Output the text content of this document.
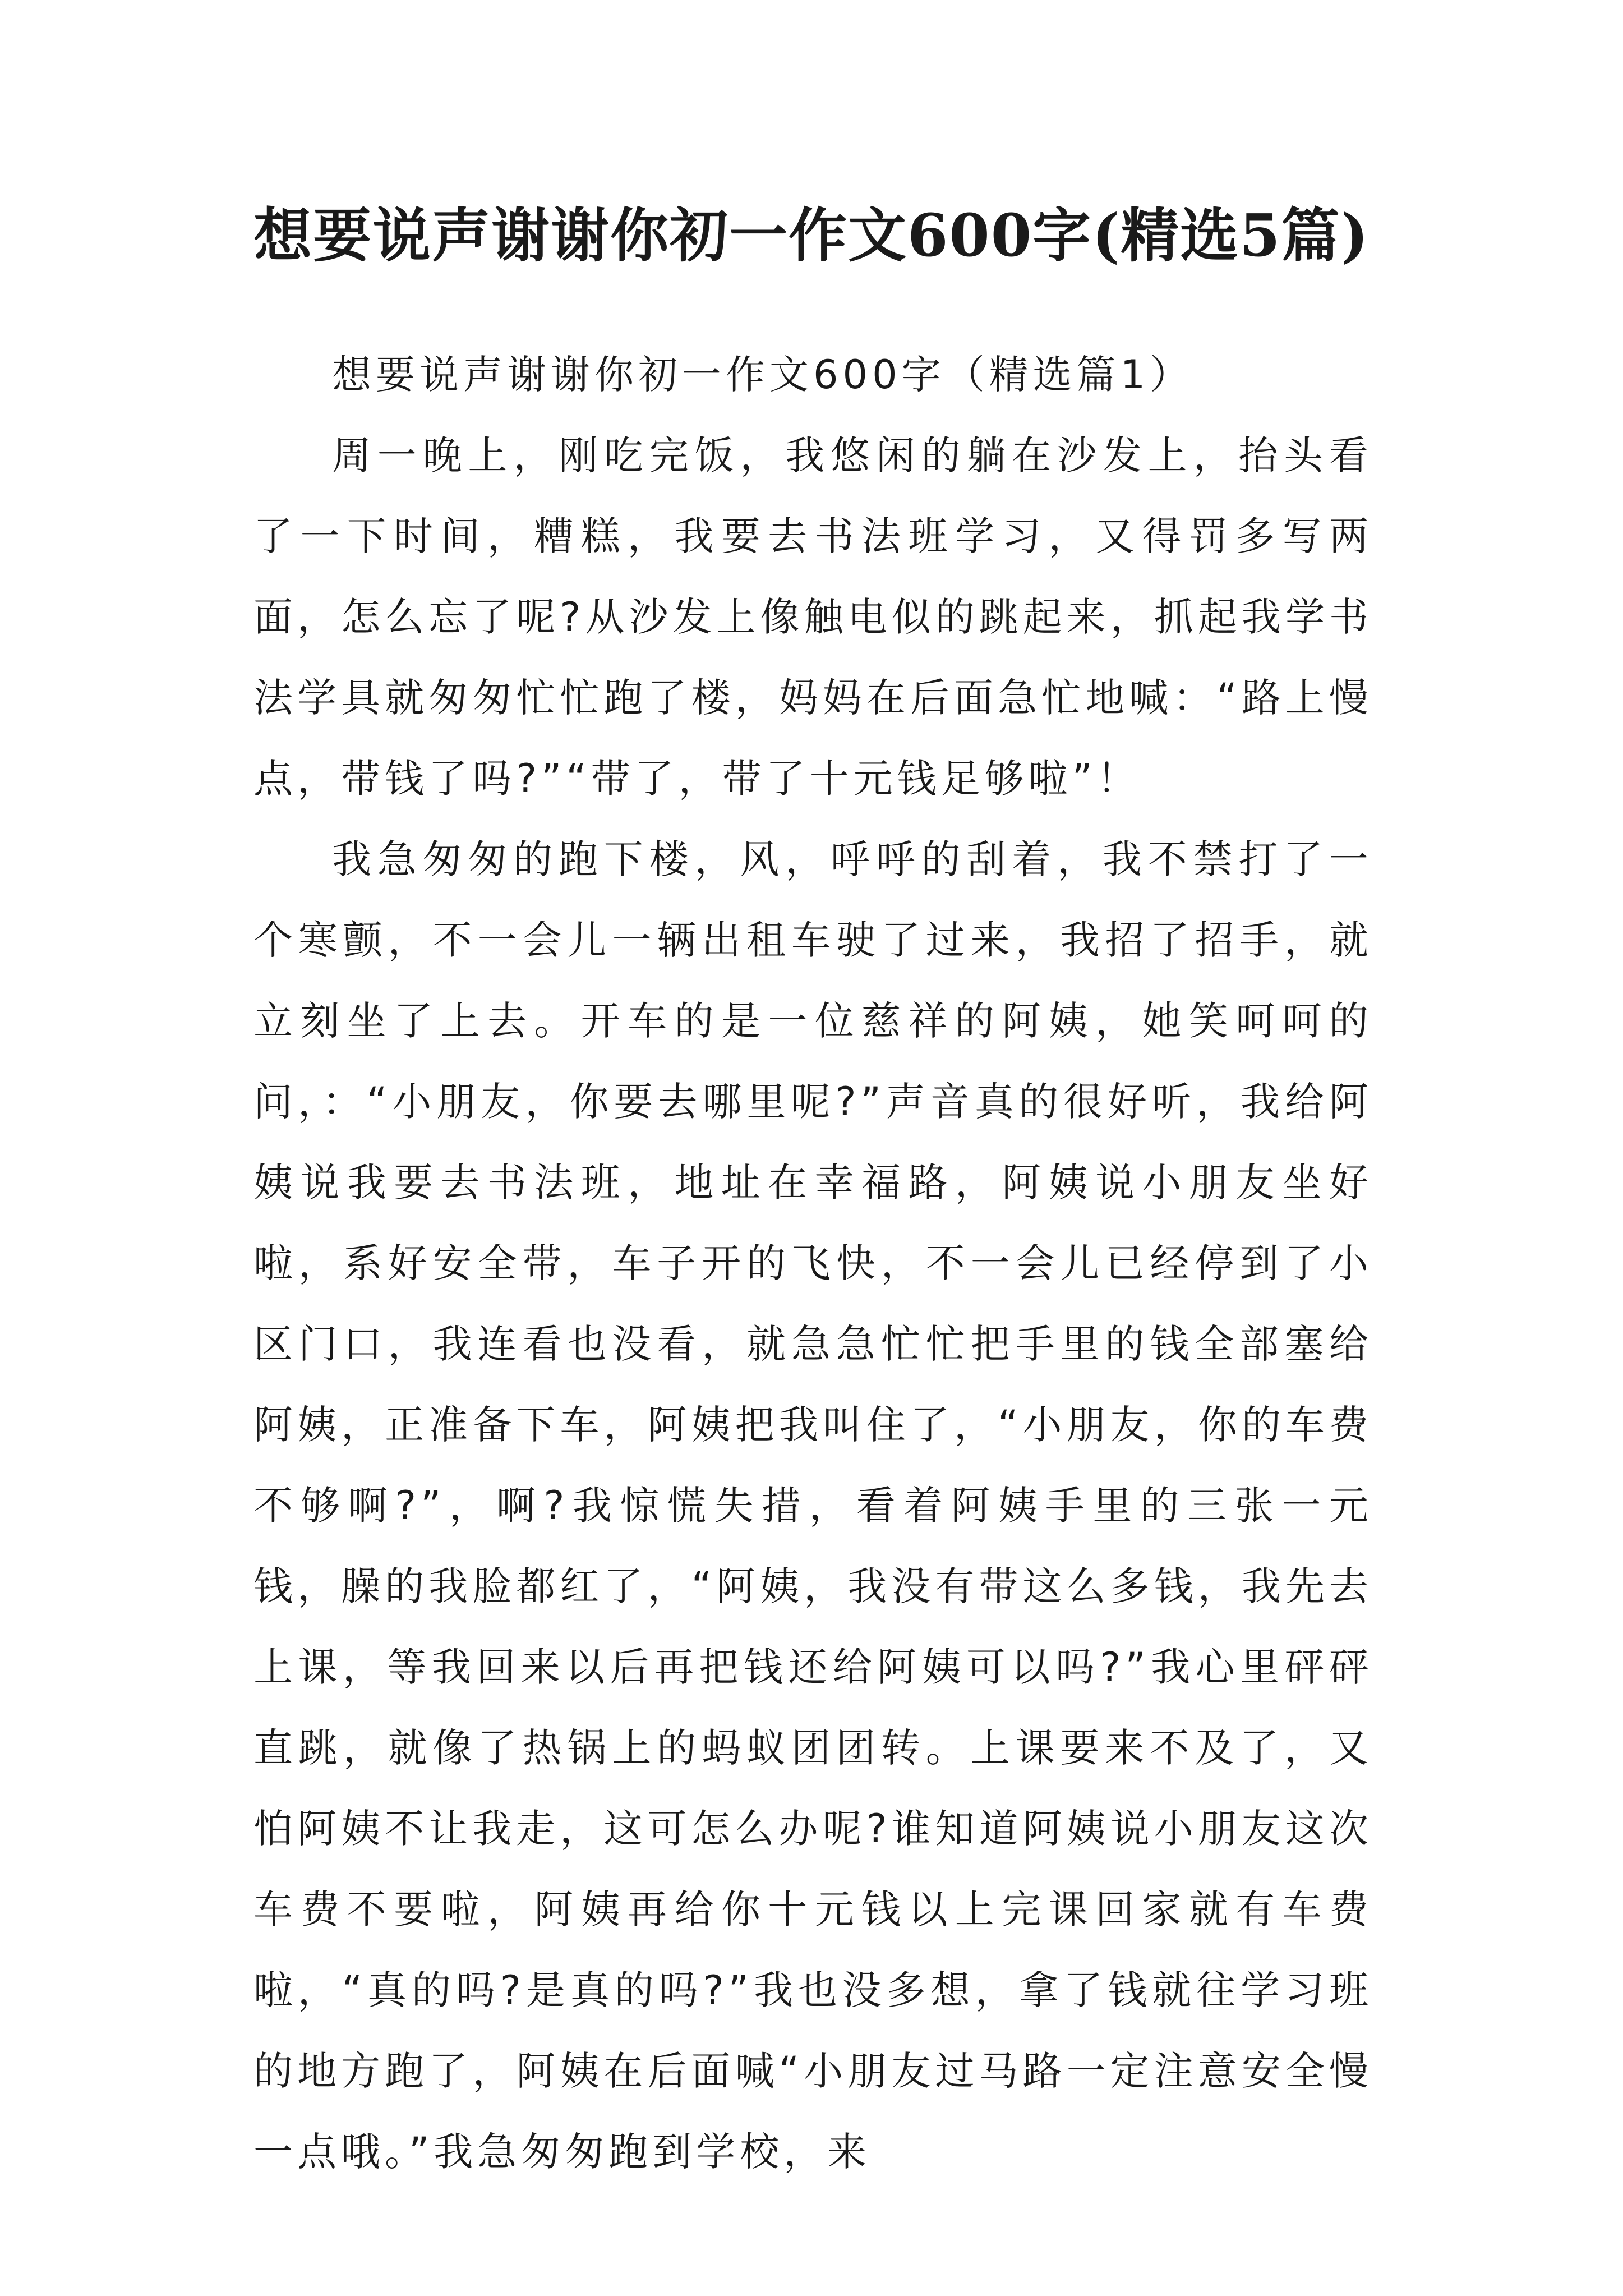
想要说声谢谢你初一作文600字(精选5篇)

想要说声谢谢你初一作文600字（精选篇1）

周一晚上，刚吃完饭，我悠闲的躺在沙发上，抬头看了一下时间，糟糕，我要去书法班学习，又得罚多写两面，怎么忘了呢?从沙发上像触电似的跳起来，抓起我学书法学具就匆匆忙忙跑了楼，妈妈在后面急忙地喊：“路上慢点，带钱了吗?”“带了，带了十元钱足够啦”！

我急匆匆的跑下楼，风，呼呼的刮着，我不禁打了一个寒颤，不一会儿一辆出租车驶了过来，我招了招手，就立刻坐了上去。开车的是一位慈祥的阿姨，她笑呵呵的问，：“小朋友，你要去哪里呢?”声音真的很好听，我给阿姨说我要去书法班，地址在幸福路，阿姨说小朋友坐好啦，系好安全带，车子开的飞快，不一会儿已经停到了小区门口，我连看也没看，就急急忙忙把手里的钱全部塞给阿姨，正准备下车，阿姨把我叫住了，“小朋友，你的车费不够啊?”，啊?我惊慌失措，看着阿姨手里的三张一元钱，臊的我脸都红了，“阿姨，我没有带这么多钱，我先去上课，等我回来以后再把钱还给阿姨可以吗?”我心里砰砰直跳，就像了热锅上的蚂蚁团团转。上课要来不及了，又怕阿姨不让我走，这可怎么办呢?谁知道阿姨说小朋友这次车费不要啦，阿姨再给你十元钱以上完课回家就有车费啦，“真的吗?是真的吗?”我也没多想，拿了钱就往学习班的地方跑了，阿姨在后面喊“小朋友过马路一定注意安全慢一点哦。”我急匆匆跑到学校，来
